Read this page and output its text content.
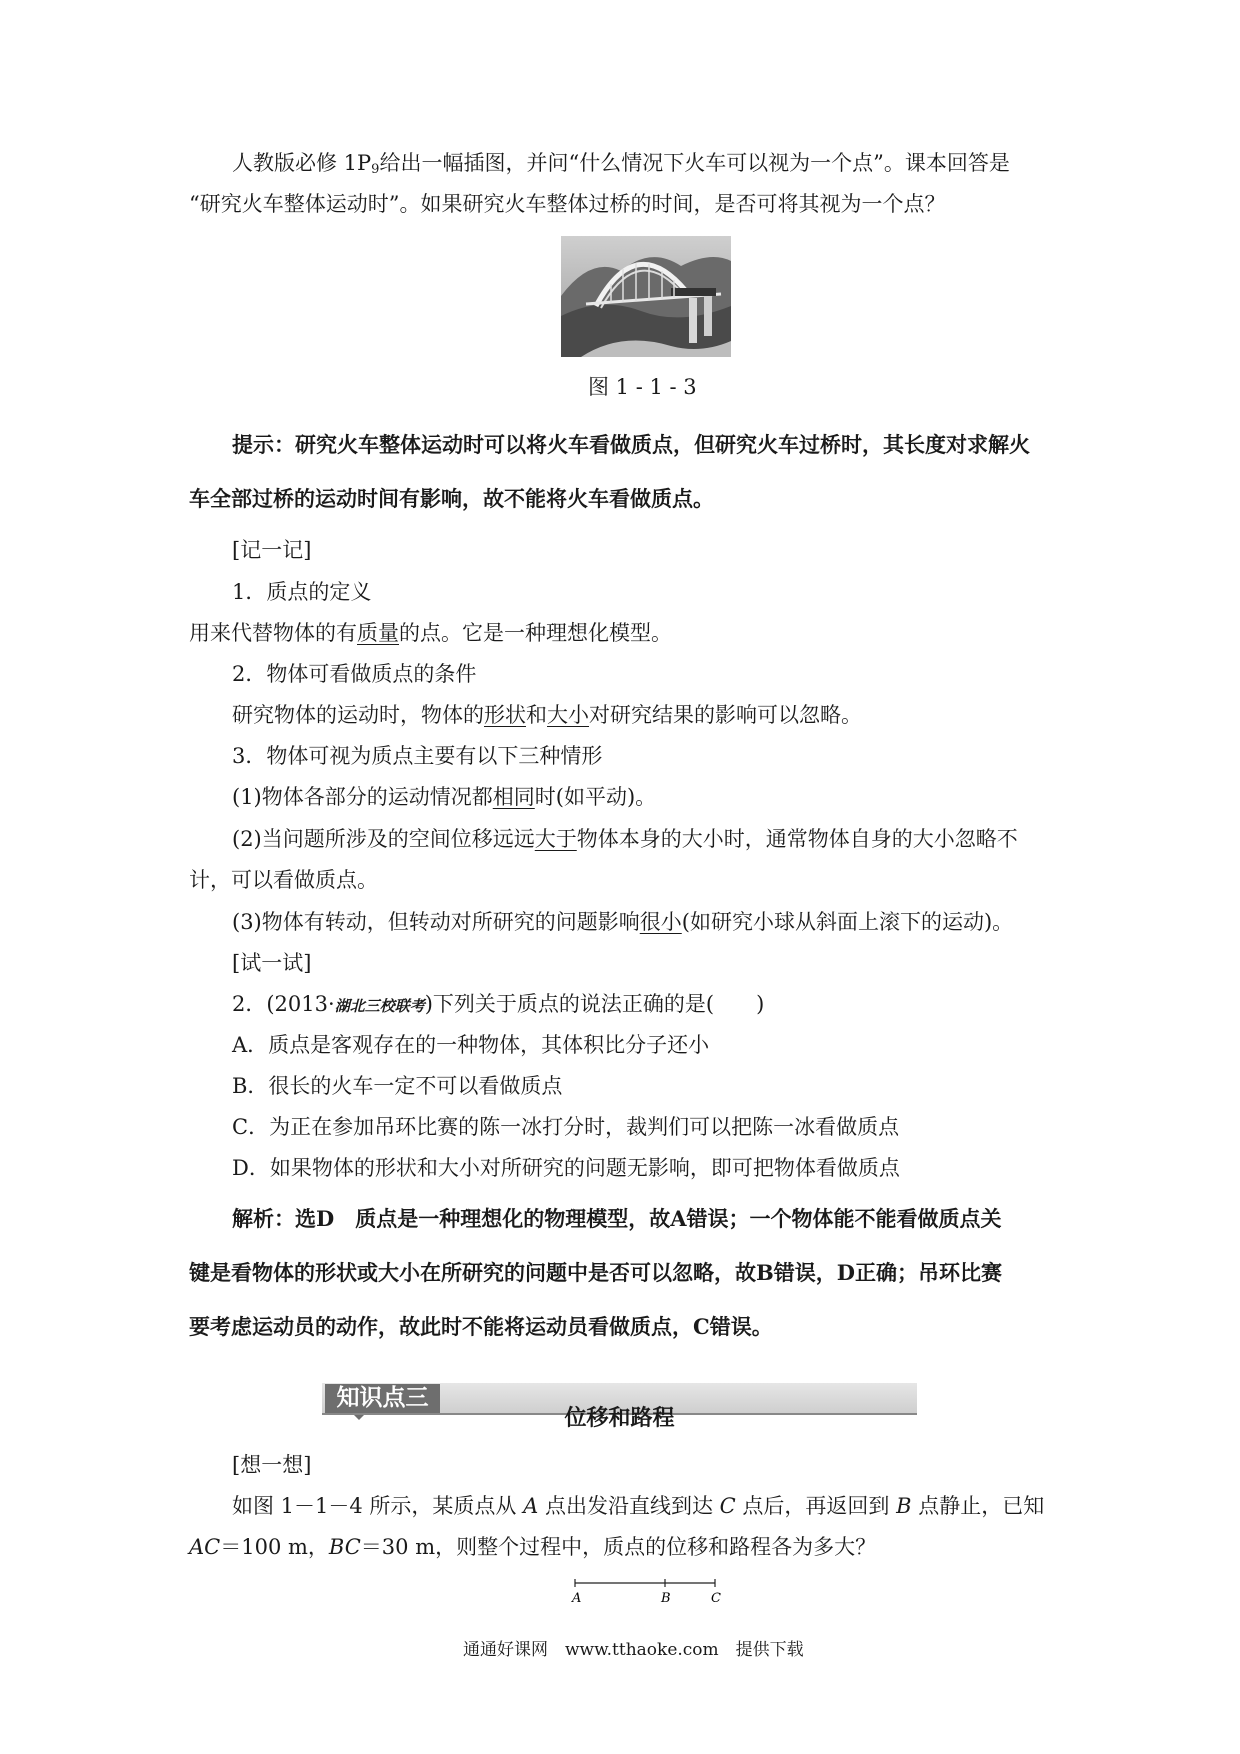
人教版必修 $1P_9$给出一幅插图，并问“什么情况下火车可以视为一个点”。课本回答是

“研究火车整体运动时”。如果研究火车整体过桥的时间，是否可将其视为一个点？

图 1 - 1 - 3

提示：研究火车整体运动时可以将火车看做质点，但研究火车过桥时，其长度对求解火

车全部过桥的运动时间有影响，故不能将火车看做质点。

[记一记]

1．质点的定义

用来代替物体的有质量的点。它是一种理想化模型。

2．物体可看做质点的条件

研究物体的运动时，物体的形状和大小对研究结果的影响可以忽略。

3．物体可视为质点主要有以下三种情形

(1)物体各部分的运动情况都相同时(如平动)。

(2)当问题所涉及的空间位移远远大于物体本身的大小时，通常物体自身的大小忽略不

计，可以看做质点。

(3)物体有转动，但转动对所研究的问题影响很小(如研究小球从斜面上滚下的运动)。

[试一试]

2．(2013·湖北三校联考)下列关于质点的说法正确的是(　　)

A．质点是客观存在的一种物体，其体积比分子还小

B．很长的火车一定不可以看做质点

C．为正在参加吊环比赛的陈一冰打分时，裁判们可以把陈一冰看做质点

D．如果物体的形状和大小对所研究的问题无影响，即可把物体看做质点

解析：选D　质点是一种理想化的物理模型，故A错误；一个物体能不能看做质点关

键是看物体的形状或大小在所研究的问题中是否可以忽略，故B错误，D正确；吊环比赛

要考虑运动员的动作，故此时不能将运动员看做质点，C错误。

知识点三
位移和路程

[想一想]

如图 1－1－4 所示，某质点从 A 点出发沿直线到达 C 点后，再返回到 B 点静止，已知

AC＝100 m，BC＝30 m，则整个过程中，质点的位移和路程各为多大？

A	B	C

通通好课网　www.tthaoke.com　提供下载
